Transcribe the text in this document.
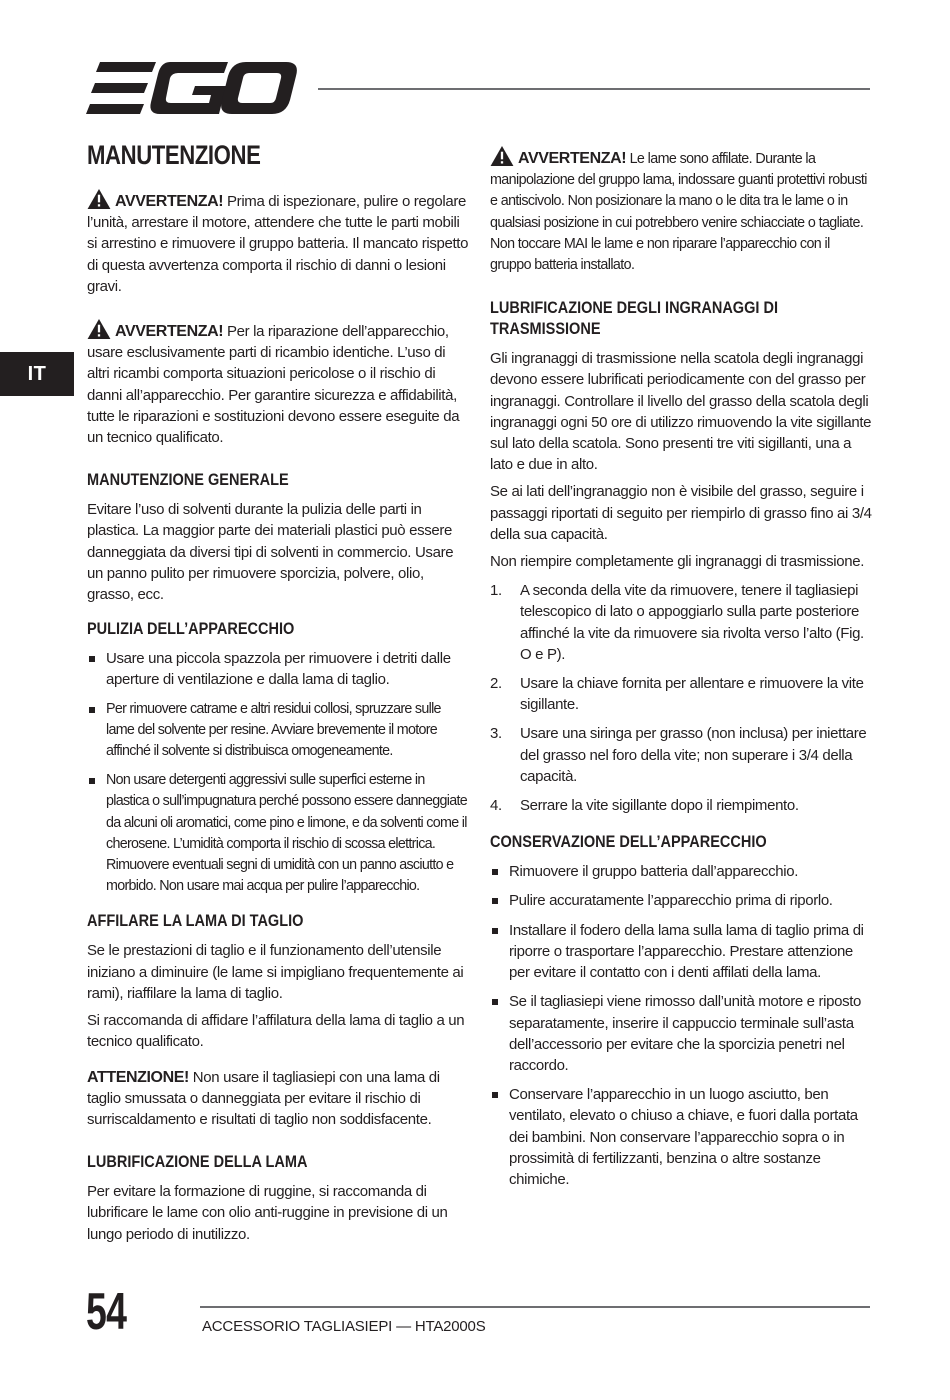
IT
MANUTENZIONE

AVVERTENZA! Prima di ispezionare, pulire o regolare l’unità, arrestare il motore, attendere che tutte le parti mobili si arrestino e rimuovere il gruppo batteria. Il mancato rispetto di questa avvertenza comporta il rischio di danni o lesioni gravi.

AVVERTENZA! Per la riparazione dell’apparecchio, usare esclusivamente parti di ricambio identiche. L’uso di altri ricambi comporta situazioni pericolose o il rischio di danni all’apparecchio. Per garantire sicurezza e affidabilità, tutte le riparazioni e sostituzioni devono essere eseguite da un tecnico qualificato.

MANUTENZIONE GENERALE

Evitare l’uso di solventi durante la pulizia delle parti in plastica. La maggior parte dei materiali plastici può essere danneggiata da diversi tipi di solventi in commercio. Usare un panno pulito per rimuovere sporcizia, polvere, olio, grasso, ecc.

PULIZIA DELL’APPARECCHIO
Usare una piccola spazzola per rimuovere i detriti dalle aperture di ventilazione e dalla lama di taglio.
Per rimuovere catrame e altri residui collosi, spruzzare sulle lame del solvente per resine. Avviare brevemente il motore affinché il solvente si distribuisca omogeneamente.
Non usare detergenti aggressivi sulle superfici esterne in plastica o sull’impugnatura perché possono essere danneggiate da alcuni oli aromatici, come pino e limone, e da solventi come il cherosene. L’umidità comporta il rischio di scossa elettrica. Rimuovere eventuali segni di umidità con un panno asciutto e morbido. Non usare mai acqua per pulire l’apparecchio.
AFFILARE LA LAMA DI TAGLIO

Se le prestazioni di taglio e il funzionamento dell’utensile iniziano a diminuire (le lame si impigliano frequentemente ai rami), riaffilare la lama di taglio.

Si raccomanda di affidare l’affilatura della lama di taglio a un tecnico qualificato.

ATTENZIONE! Non usare il tagliasiepi con una lama di taglio smussata o danneggiata per evitare il rischio di surriscaldamento e risultati di taglio non soddisfacente.

LUBRIFICAZIONE DELLA LAMA

Per evitare la formazione di ruggine, si raccomanda di lubrificare le lame con olio anti-ruggine in previsione di un lungo periodo di inutilizzo.

AVVERTENZA! Le lame sono affilate. Durante la manipolazione del gruppo lama, indossare guanti protettivi robusti e antiscivolo. Non posizionare la mano o le dita tra le lame o in qualsiasi posizione in cui potrebbero venire schiacciate o tagliate. Non toccare MAI le lame e non riparare l’apparecchio con il gruppo batteria installato.

LUBRIFICAZIONE DEGLI INGRANAGGI DI TRASMISSIONE

Gli ingranaggi di trasmissione nella scatola degli ingranaggi devono essere lubrificati periodicamente con del grasso per ingranaggi. Controllare il livello del grasso della scatola degli ingranaggi ogni 50 ore di utilizzo rimuovendo la vite sigillante sul lato della scatola. Sono presenti tre viti sigillanti, una a lato e due in alto.

Se ai lati dell’ingranaggio non è visibile del grasso, seguire i passaggi riportati di seguito per riempirlo di grasso fino ai 3/4 della sua capacità.

Non riempire completamente gli ingranaggi di trasmissione.

1. A seconda della vite da rimuovere, tenere il tagliasiepi telescopico di lato o appoggiarlo sulla parte posteriore affinché la vite da rimuovere sia rivolta verso l’alto (Fig. O e P).
2. Usare la chiave fornita per allentare e rimuovere la vite sigillante.
3. Usare una siringa per grasso (non inclusa) per iniettare del grasso nel foro della vite; non superare i 3/4 della capacità.
4. Serrare la vite sigillante dopo il riempimento.
CONSERVAZIONE DELL’APPARECCHIO
Rimuovere il gruppo batteria dall’apparecchio.
Pulire accuratamente l’apparecchio prima di riporlo.
Installare il fodero della lama sulla lama di taglio prima di riporre o trasportare l’apparecchio. Prestare attenzione per evitare il contatto con i denti affilati della lama.
Se il tagliasiepi viene rimosso dall’unità motore e riposto separatamente, inserire il cappuccio terminale sull’asta dell’accessorio per evitare che la sporcizia penetri nel raccordo.
Conservare l’apparecchio in un luogo asciutto, ben ventilato, elevato o chiuso a chiave, e fuori dalla portata dei bambini. Non conservare l’apparecchio sopra o in prossimità di fertilizzanti, benzina o altre sostanze chimiche.
54	ACCESSORIO TAGLIASIEPI — HTA2000S
